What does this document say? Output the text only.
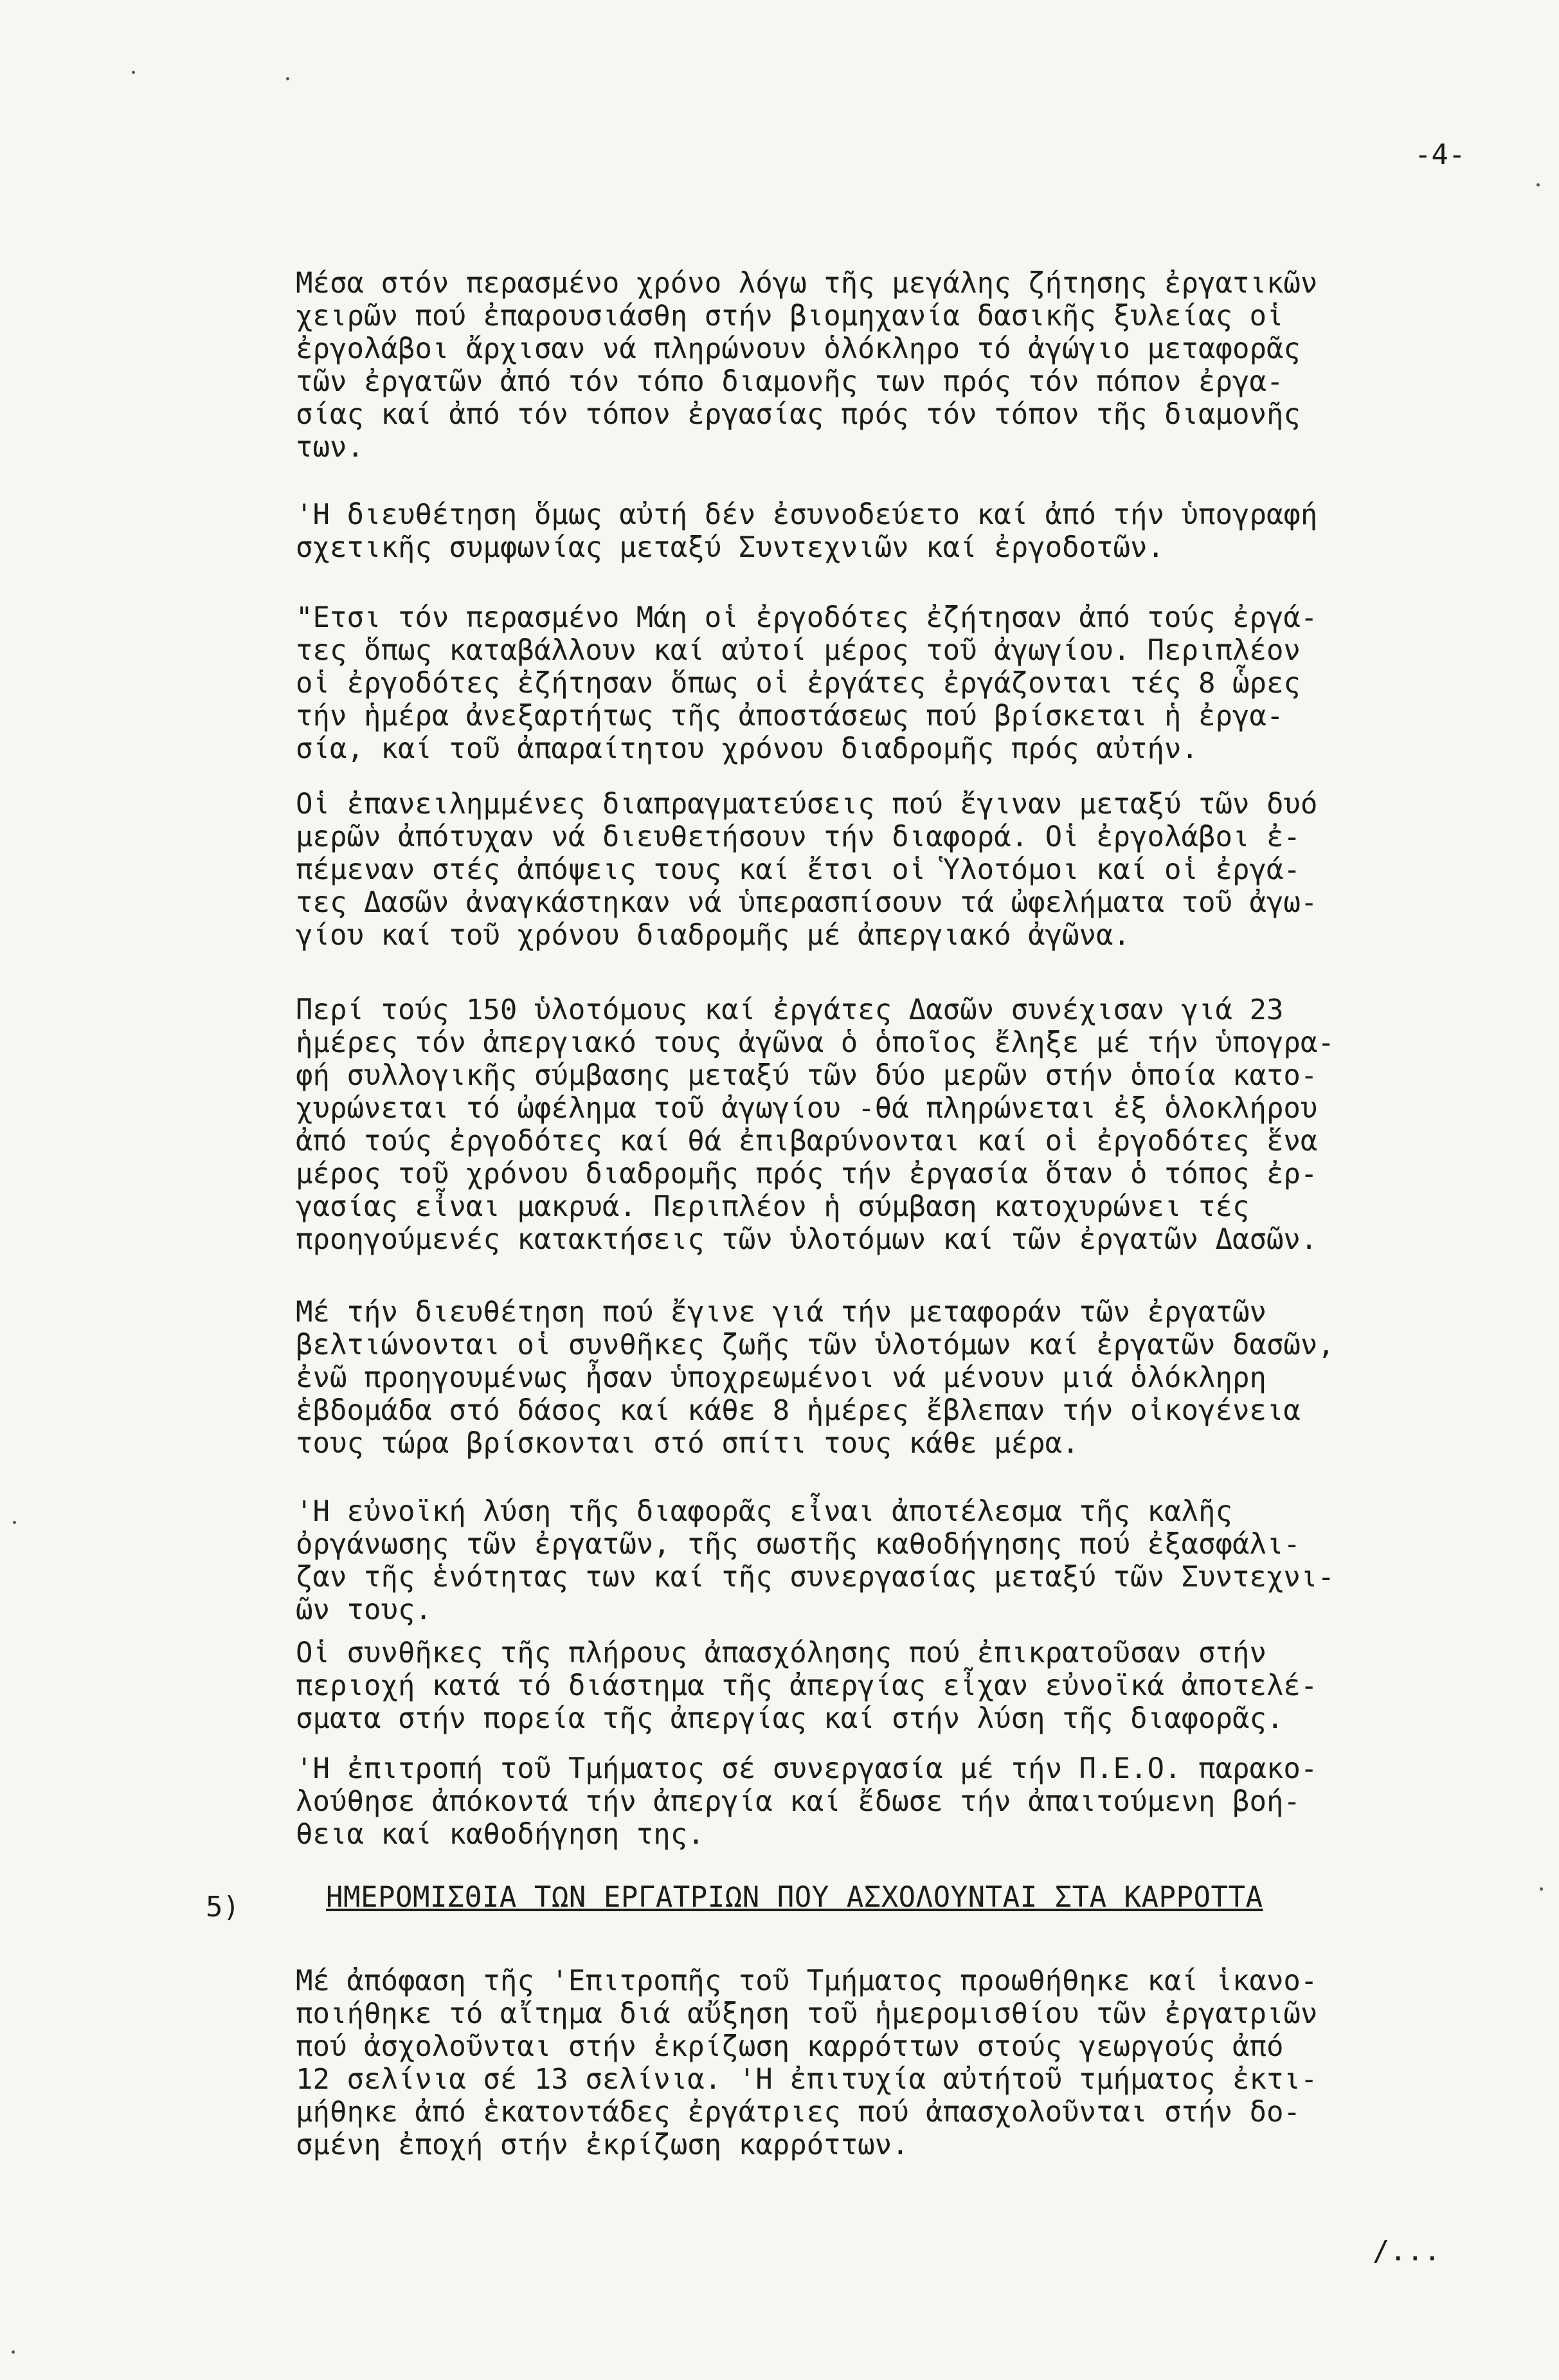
-4-
Μέσα στόν περασμένο χρόνο λόγω τῆς μεγάλης ζήτησης ἐργατικῶν
χειρῶν πού ἐπαρουσιάσθη στήν βιομηχανία δασικῆς ξυλείας οἱ
ἐργολάβοι ἄρχισαν νά πληρώνουν ὁλόκληρο τό ἀγώγιο μεταφορᾶς
τῶν ἐργατῶν ἀπό τόν τόπο διαμονῆς των πρός τόν πόπον ἐργα-
σίας καί ἀπό τόν τόπον ἐργασίας πρός τόν τόπον τῆς διαμονῆς
των.
'Η διευθέτηση ὅμως αὐτή δέν ἐσυνοδεύετο καί ἀπό τήν ὑπογραφή
σχετικῆς συμφωνίας μεταξύ Συντεχνιῶν καί ἐργοδοτῶν.
"Ετσι τόν περασμένο Μάη οἱ ἐργοδότες ἐζήτησαν ἀπό τούς ἐργά-
τες ὅπως καταβάλλουν καί αὐτοί μέρος τοῦ ἀγωγίου. Περιπλέον
οἱ ἐργοδότες ἐζήτησαν ὅπως οἱ ἐργάτες ἐργάζονται τές 8 ὧρες
τήν ἡμέρα ἀνεξαρτήτως τῆς ἀποστάσεως πού βρίσκεται ἡ ἐργα-
σία, καί τοῦ ἀπαραίτητου χρόνου διαδρομῆς πρός αὐτήν.
Οἱ ἐπανειλημμένες διαπραγματεύσεις πού ἔγιναν μεταξύ τῶν δυό
μερῶν ἀπότυχαν νά διευθετήσουν τήν διαφορά. Οἱ ἐργολάβοι ἐ-
πέμεναν στές ἀπόψεις τους καί ἔτσι οἱ Ὑλοτόμοι καί οἱ ἐργά-
τες Δασῶν ἀναγκάστηκαν νά ὑπερασπίσουν τά ὠφελήματα τοῦ ἀγω-
γίου καί τοῦ χρόνου διαδρομῆς μέ ἀπεργιακό ἀγῶνα.
Περί τούς 150 ὑλοτόμους καί ἐργάτες Δασῶν συνέχισαν γιά 23
ἡμέρες τόν ἀπεργιακό τους ἀγῶνα ὁ ὁποῖος ἔληξε μέ τήν ὑπογρα-
φή συλλογικῆς σύμβασης μεταξύ τῶν δύο μερῶν στήν ὁποία κατο-
χυρώνεται τό ὠφέλημα τοῦ ἀγωγίου -θά πληρώνεται ἐξ ὁλοκλήρου
ἀπό τούς ἐργοδότες καί θά ἐπιβαρύνονται καί οἱ ἐργοδότες ἕνα
μέρος τοῦ χρόνου διαδρομῆς πρός τήν ἐργασία ὅταν ὁ τόπος ἐρ-
γασίας εἶναι μακρυά. Περιπλέον ἡ σύμβαση κατοχυρώνει τές
προηγούμενές κατακτήσεις τῶν ὑλοτόμων καί τῶν ἐργατῶν Δασῶν.
Μέ τήν διευθέτηση πού ἔγινε γιά τήν μεταφοράν τῶν ἐργατῶν
βελτιώνονται οἱ συνθῆκες ζωῆς τῶν ὑλοτόμων καί ἐργατῶν δασῶν,
ἐνῶ προηγουμένως ἦσαν ὑποχρεωμένοι νά μένουν μιά ὁλόκληρη
ἑβδομάδα στό δάσος καί κάθε 8 ἡμέρες ἔβλεπαν τήν οἰκογένεια
τους τώρα βρίσκονται στό σπίτι τους κάθε μέρα.
'Η εὐνοϊκή λύση τῆς διαφορᾶς εἶναι ἀποτέλεσμα τῆς καλῆς
ὀργάνωσης τῶν ἐργατῶν, τῆς σωστῆς καθοδήγησης πού ἐξασφάλι-
ζαν τῆς ἑνότητας των καί τῆς συνεργασίας μεταξύ τῶν Συντεχνι-
ῶν τους.
Οἱ συνθῆκες τῆς πλήρους ἀπασχόλησης πού ἐπικρατοῦσαν στήν
περιοχή κατά τό διάστημα τῆς ἀπεργίας εἶχαν εὐνοϊκά ἀποτελέ-
σματα στήν πορεία τῆς ἀπεργίας καί στήν λύση τῆς διαφορᾶς.
'Η ἐπιτροπή τοῦ Τμήματος σέ συνεργασία μέ τήν Π.Ε.Ο. παρακο-
λούθησε ἀπόκοντά τήν ἀπεργία καί ἔδωσε τήν ἀπαιτούμενη βοή-
θεια καί καθοδήγηση της.
5)	ΗΜΕΡΟΜΙΣΘΙΑ ΤΩΝ ΕΡΓΑΤΡΙΩΝ ΠΟΥ ΑΣΧΟΛΟΥΝΤΑΙ ΣΤΑ ΚΑΡΡΟΤΤΑ
Μέ ἀπόφαση τῆς 'Επιτροπῆς τοῦ Τμήματος προωθήθηκε καί ἱκανο-
ποιήθηκε τό αἴτημα διά αὔξηση τοῦ ἡμερομισθίου τῶν ἐργατριῶν
πού ἀσχολοῦνται στήν ἐκρίζωση καρρόττων στούς γεωργούς ἀπό
12 σελίνια σέ 13 σελίνια. 'Η ἐπιτυχία αὐτήτοῦ τμήματος ἐκτι-
μήθηκε ἀπό ἑκατοντάδες ἐργάτριες πού ἀπασχολοῦνται στήν δο-
σμένη ἐποχή στήν ἐκρίζωση καρρόττων.
/...
